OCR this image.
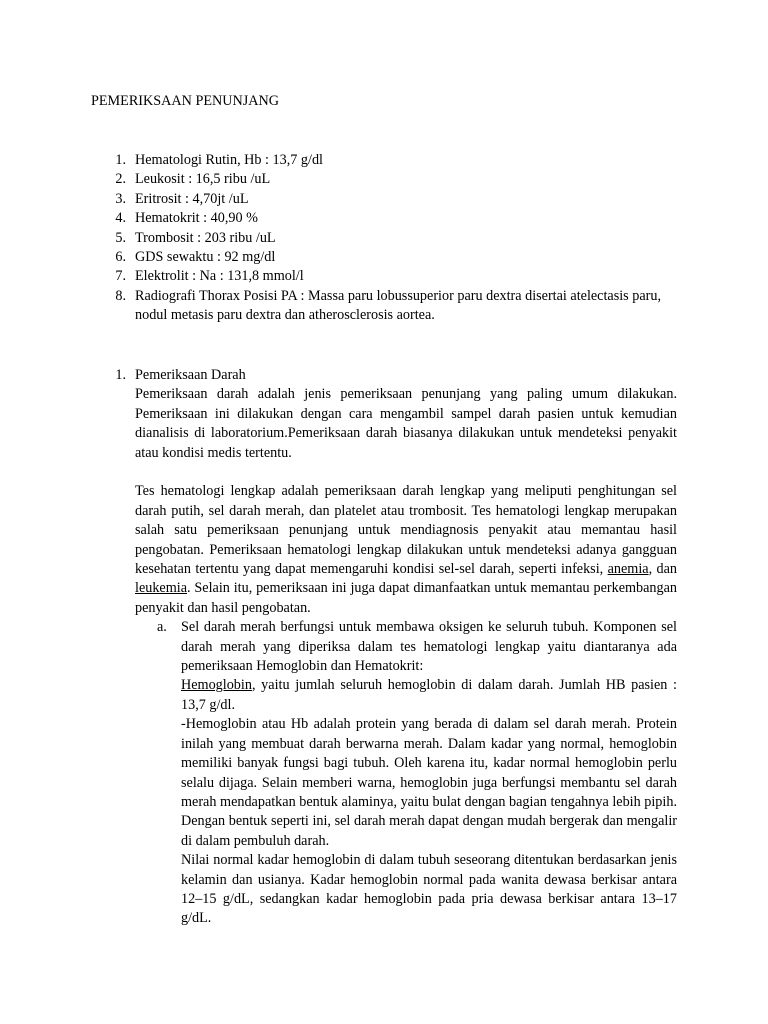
PEMERIKSAAN PENUNJANG
1. Hematologi Rutin, Hb : 13,7 g/dl
2. Leukosit : 16,5 ribu /uL
3. Eritrosit : 4,70jt /uL
4. Hematokrit : 40,90 %
5. Trombosit : 203 ribu /uL
6. GDS sewaktu : 92 mg/dl
7. Elektrolit : Na : 131,8 mmol/l
8. Radiografi Thorax Posisi PA : Massa paru lobussuperior paru dextra disertai atelectasis paru, nodul metasis paru dextra dan atherosclerosis aortea.
1. Pemeriksaan Darah

Pemeriksaan darah adalah jenis pemeriksaan penunjang yang paling umum dilakukan. Pemeriksaan ini dilakukan dengan cara mengambil sampel darah pasien untuk kemudian dianalisis di laboratorium.Pemeriksaan darah biasanya dilakukan untuk mendeteksi penyakit atau kondisi medis tertentu.

Tes hematologi lengkap adalah pemeriksaan darah lengkap yang meliputi penghitungan sel darah putih, sel darah merah, dan platelet atau trombosit. Tes hematologi lengkap merupakan salah satu pemeriksaan penunjang untuk mendiagnosis penyakit atau memantau hasil pengobatan. Pemeriksaan hematologi lengkap dilakukan untuk mendeteksi adanya gangguan kesehatan tertentu yang dapat memengaruhi kondisi sel-sel darah, seperti infeksi, anemia, dan leukemia. Selain itu, pemeriksaan ini juga dapat dimanfaatkan untuk memantau perkembangan penyakit dan hasil pengobatan.

a. Sel darah merah berfungsi untuk membawa oksigen ke seluruh tubuh. Komponen sel darah merah yang diperiksa dalam tes hematologi lengkap yaitu diantaranya ada pemeriksaan Hemoglobin dan Hematokrit:

Hemoglobin, yaitu jumlah seluruh hemoglobin di dalam darah. Jumlah HB pasien : 13,7 g/dl.

-Hemoglobin atau Hb adalah protein yang berada di dalam sel darah merah. Protein inilah yang membuat darah berwarna merah. Dalam kadar yang normal, hemoglobin memiliki banyak fungsi bagi tubuh. Oleh karena itu, kadar normal hemoglobin perlu selalu dijaga. Selain memberi warna, hemoglobin juga berfungsi membantu sel darah merah mendapatkan bentuk alaminya, yaitu bulat dengan bagian tengahnya lebih pipih. Dengan bentuk seperti ini, sel darah merah dapat dengan mudah bergerak dan mengalir di dalam pembuluh darah.

Nilai normal kadar hemoglobin di dalam tubuh seseorang ditentukan berdasarkan jenis kelamin dan usianya. Kadar hemoglobin normal pada wanita dewasa berkisar antara 12–15 g/dL, sedangkan kadar hemoglobin pada pria dewasa berkisar antara 13–17 g/dL.
